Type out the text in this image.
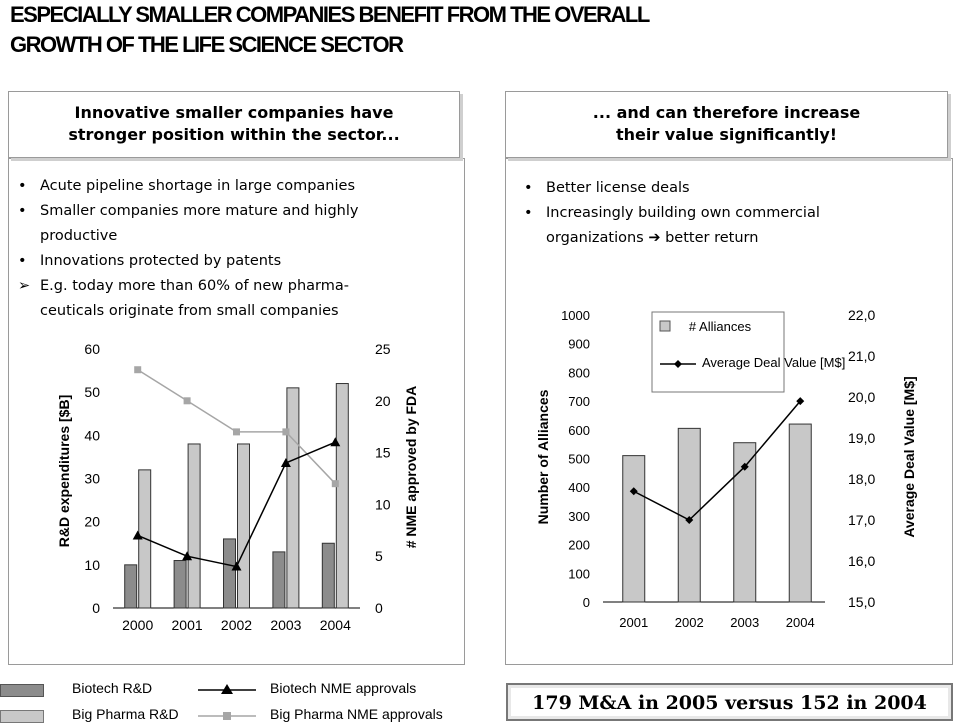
ESPECIALLY SMALLER COMPANIES BENEFIT FROM THE OVERALL
GROWTH OF THE LIFE SCIENCE SECTOR
Innovative smaller companies have
stronger position within the sector...
• Acute pipeline shortage in large companies
• Smaller companies more mature and highly
productive
• Innovations protected by patents
➢ E.g. today more than 60% of new pharma-
ceuticals originate from small companies
... and can therefore increase
their value significantly!
• Better license deals
• Increasingly building own commercial
organizations ➔ better return
0
10
20
30
40
50
60
0
5
10
15
20
25
R&D expenditures [$B]	# NME approved by FDA
2000 2001 2002 2003 2004
0
100
200
300
400
500
600
700
800
900
1000
15,0
16,0
17,0
18,0
19,0
20,0
21,0
22,0
Number of Alliances	Average Deal Value [M$]
2001 2002 2003 2004
# Alliances
Average Deal Value [M$]
Biotech R&D
Big Pharma R&D
Biotech NME approvals
Big Pharma NME approvals	179 M&A in 2005 versus 152 in 2004
